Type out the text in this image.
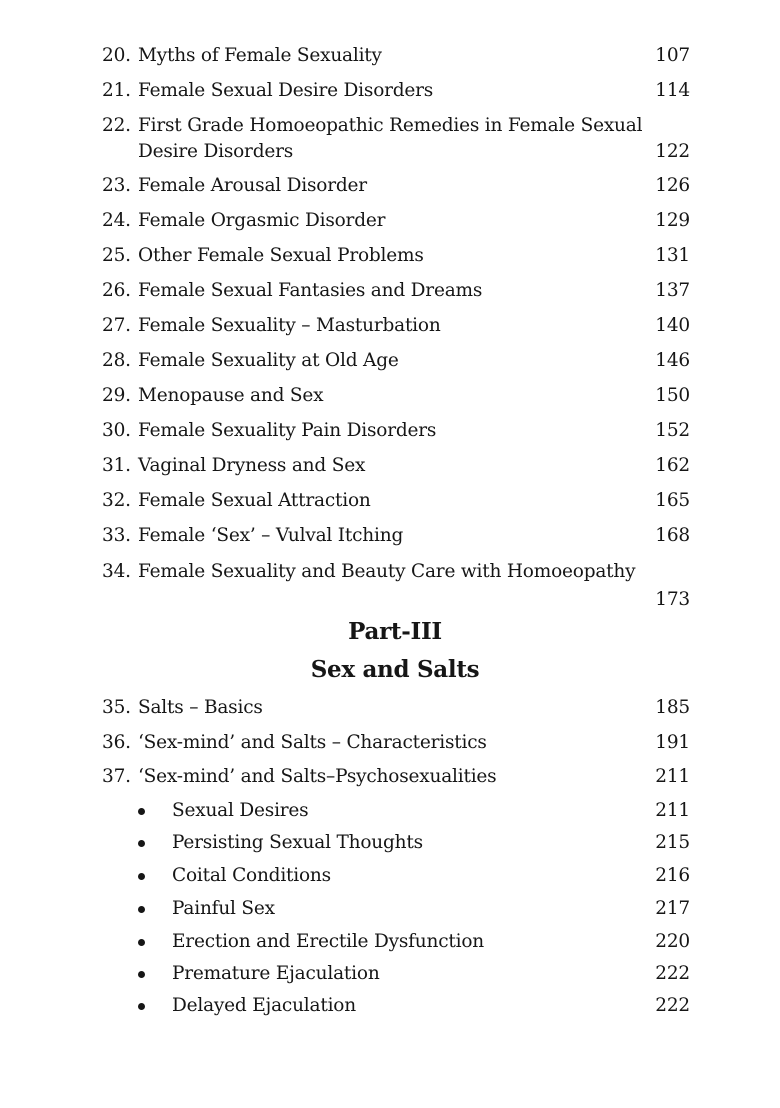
20. Myths of Female Sexuality	107
21. Female Sexual Desire Disorders	114
22. First Grade Homoeopathic Remedies in Female Sexual
Desire Disorders	122
23. Female Arousal Disorder	126
24. Female Orgasmic Disorder	129
25. Other Female Sexual Problems	131
26. Female Sexual Fantasies and Dreams	137
27. Female Sexuality – Masturbation	140
28. Female Sexuality at Old Age	146
29. Menopause and Sex	150
30. Female Sexuality Pain Disorders	152
31. Vaginal Dryness and Sex	162
32. Female Sexual Attraction	165
33. Female ‘Sex’ – Vulval Itching	168
34. Female Sexuality and Beauty Care with Homoeopathy
173
Part-III
Sex and Salts
35. Salts – Basics	185
36. ‘Sex-mind’ and Salts – Characteristics	191
37. ‘Sex-mind’ and Salts–Psychosexualities	211
Sexual Desires	211
Persisting Sexual Thoughts	215
Coital Conditions	216
Painful Sex	217
Erection and Erectile Dysfunction	220
Premature Ejaculation	222
Delayed Ejaculation	222
